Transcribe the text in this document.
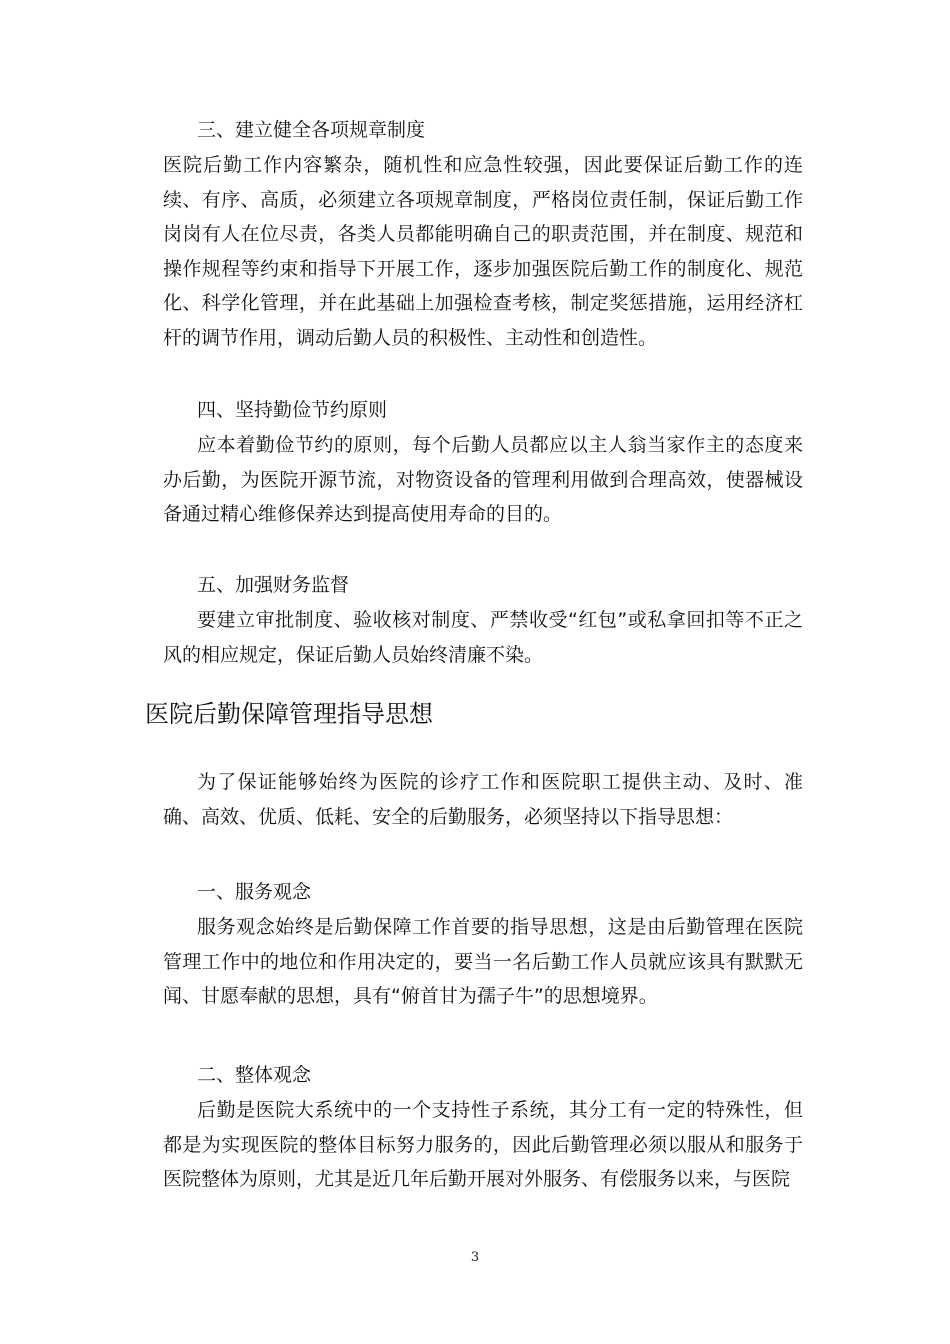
三、建立健全各项规章制度

医院后勤工作内容繁杂，随机性和应急性较强，因此要保证后勤工作的连续、有序、高质，必须建立各项规章制度，严格岗位责任制，保证后勤工作岗岗有人在位尽责，各类人员都能明确自己的职责范围，并在制度、规范和操作规程等约束和指导下开展工作，逐步加强医院后勤工作的制度化、规范化、科学化管理，并在此基础上加强检查考核，制定奖惩措施，运用经济杠杆的调节作用，调动后勤人员的积极性、主动性和创造性。

四、坚持勤俭节约原则

应本着勤俭节约的原则，每个后勤人员都应以主人翁当家作主的态度来办后勤，为医院开源节流，对物资设备的管理利用做到合理高效，使器械设备通过精心维修保养达到提高使用寿命的目的。

五、加强财务监督

要建立审批制度、验收核对制度、严禁收受“红包”或私拿回扣等不正之风的相应规定，保证后勤人员始终清廉不染。

医院后勤保障管理指导思想

为了保证能够始终为医院的诊疗工作和医院职工提供主动、及时、准确、高效、优质、低耗、安全的后勤服务，必须坚持以下指导思想：

一、服务观念

服务观念始终是后勤保障工作首要的指导思想，这是由后勤管理在医院管理工作中的地位和作用决定的，要当一名后勤工作人员就应该具有默默无闻、甘愿奉献的思想，具有“俯首甘为孺子牛”的思想境界。

二、整体观念

后勤是医院大系统中的一个支持性子系统，其分工有一定的特殊性，但都是为实现医院的整体目标努力服务的，因此后勤管理必须以服从和服务于医院整体为原则，尤其是近几年后勤开展对外服务、有偿服务以来，与医院

3
